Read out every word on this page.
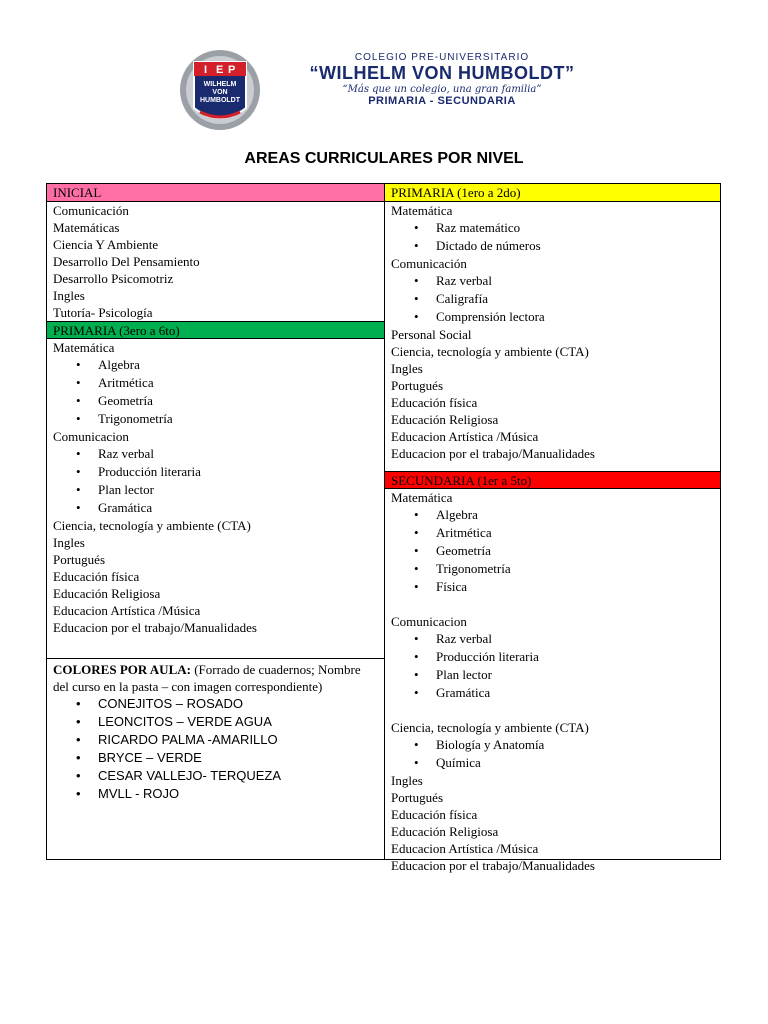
I E P
WILHELM
VON
HUMBOLDT
COLEGIO PRE-UNIVERSITARIO
“WILHELM VON HUMBOLDT”
“Más que un colegio, una gran familia”
PRIMARIA - SECUNDARIA
AREAS CURRICULARES POR NIVEL
INICIAL
Comunicación
Matemáticas
Ciencia Y Ambiente
Desarrollo Del Pensamiento
Desarrollo Psicomotriz
Ingles
Tutoría- Psicología
PRIMARIA (3ero a 6to)
Matemática
• Algebra
• Aritmética
• Geometría
• Trigonometría
Comunicacion
• Raz verbal
• Producción literaria
• Plan lector
• Gramática
Ciencia, tecnología y ambiente (CTA)
Ingles
Portugués
Educación física
Educación Religiosa
Educacion Artística /Música
Educacion por el trabajo/Manualidades
COLORES POR AULA: (Forrado de cuadernos; Nombre del curso en la pasta – con imagen correspondiente)
• CONEJITOS – ROSADO
• LEONCITOS – VERDE AGUA
• RICARDO PALMA -AMARILLO
• BRYCE – VERDE
• CESAR VALLEJO- TERQUEZA
• MVLL - ROJO
PRIMARIA (1ero a 2do)
Matemática
• Raz matemático
• Dictado de números
Comunicación
• Raz verbal
• Caligrafía
• Comprensión lectora
Personal Social
Ciencia, tecnología y ambiente (CTA)
Ingles
Portugués
Educación física
Educación Religiosa
Educacion Artística /Música
Educacion por el trabajo/Manualidades
SECUNDARIA (1er a 5to)
Matemática
• Algebra
• Aritmética
• Geometría
• Trigonometría
• Física
Comunicacion
• Raz verbal
• Producción literaria
• Plan lector
• Gramática
Ciencia, tecnología y ambiente (CTA)
• Biología y Anatomía
• Química
Ingles
Portugués
Educación física
Educación Religiosa
Educacion Artística /Música
Educacion por el trabajo/Manualidades
